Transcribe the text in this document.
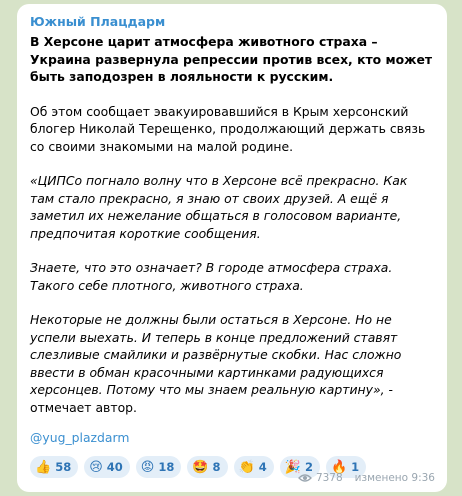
Южный Плацдарм

В Херсоне царит атмосфера животного страха – Украина развернула репрессии против всех, кто может быть заподозрен в лояльности к русским.

Об этом сообщает эвакуировавшийся в Крым херсонский блогер Николай Терещенко, продолжающий держать связь со своими знакомыми на малой родине.

«ЦИПСо погнало волну что в Херсоне всё прекрасно. Как там стало прекрасно, я знаю от своих друзей. А ещё я заметил их нежелание общаться в голосовом варианте, предпочитая короткие сообщения.

Знаете, что это означает? В городе атмосфера страха. Такого себе плотного, животного страха.

Некоторые не должны были остаться в Херсоне. Но не успели выехать. И теперь в конце предложений ставят слезливые смайлики и развёрнутые скобки. Нас сложно ввести в обман красочными картинками радующихся херсонцев. Потому что мы знаем реальную картину», - отмечает автор.

@yug_plazdarm
👍 58 😢 40 😡 18 🤩 8 👏 4 🎉 2 🔥 1
7378 изменено 9:36
